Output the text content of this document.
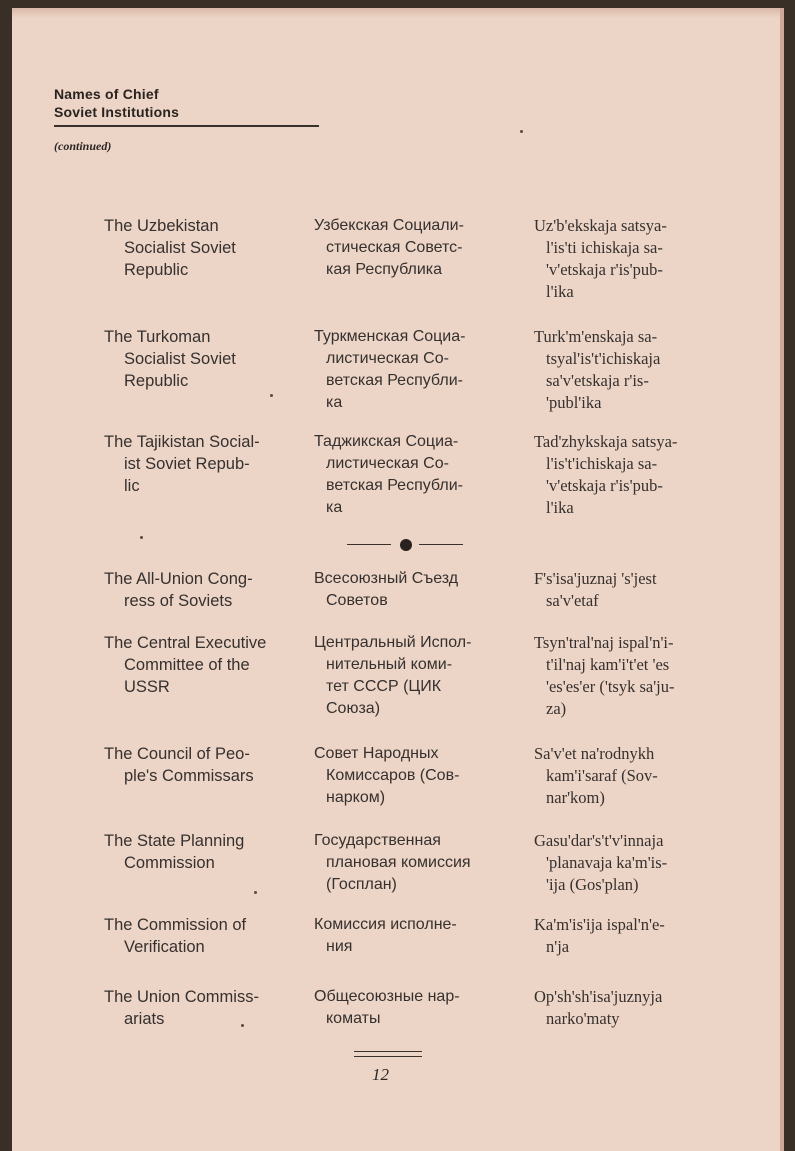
Names of Chief
Soviet Institutions
(continued)
The Uzbekistan
Socialist Soviet
Republic
Узбекская Социали-
стическая Советс-
кая Республика
Uz'b'ekskaja satsya-
l'is'ti ichiskaja sa-
'v'etskaja r'is'pub-
l'ika
The Turkoman
Socialist Soviet
Republic
Туркменская Социа-
листическая Со-
ветская Республи-
ка
Turk'm'enskaja sa-
tsyal'is't'ichiskaja
sa'v'etskaja r'is-
'publ'ika
The Tajikistan Social-
ist Soviet Repub-
lic
Таджикская Социа-
листическая Со-
ветская Республи-
ка
Tad'zhykskaja satsya-
l'is't'ichiskaja sa-
'v'etskaja r'is'pub-
l'ika
The All-Union Cong-
ress of Soviets
Всесоюзный Съезд
Советов
F's'isa'juznaj 's'jest
sa'v'etaf
The Central Executive
Committee of the
USSR
Центральный Испол-
нительный коми-
тет СССР (ЦИК
Союза)
Tsyn'tral'naj ispal'n'i-
t'il'naj kam'i't'et 'es
'es'es'er ('tsyk sa'ju-
za)
The Council of Peo-
ple's Commissars
Совет Народных
Комиссаров (Сов-
нарком)
Sa'v'et na'rodnykh
kam'i'saraf (Sov-
nar'kom)
The State Planning
Commission
Государственная
плановая комиссия
(Госплан)
Gasu'dar's't'v'innaja
'planavaja ka'm'is-
'ija (Gos'plan)
The Commission of
Verification
Комиссия исполне-
ния
Ka'm'is'ija ispal'n'e-
n'ja
The Union Commiss-
ariats
Общесоюзные нар-
коматы
Op'sh'sh'isa'juznyja
narko'maty
12
